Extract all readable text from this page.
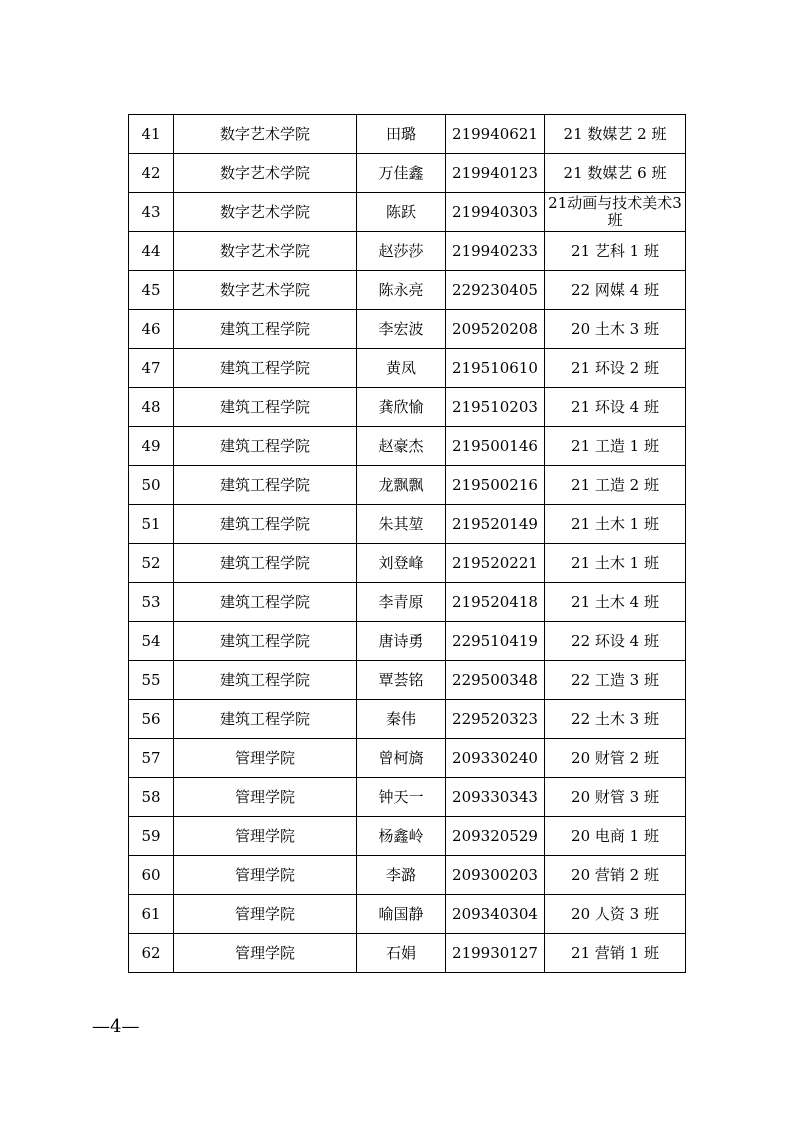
41	数字艺术学院	田璐	219940621	21 数媒艺 2 班
42	数字艺术学院	万佳鑫	219940123	21 数媒艺 6 班
43	数字艺术学院	陈跃	219940303	21动画与技术美术3班
44	数字艺术学院	赵莎莎	219940233	21 艺科 1 班
45	数字艺术学院	陈永亮	229230405	22 网媒 4 班
46	建筑工程学院	李宏波	209520208	20 土木 3 班
47	建筑工程学院	黄凤	219510610	21 环设 2 班
48	建筑工程学院	龚欣愉	219510203	21 环设 4 班
49	建筑工程学院	赵豪杰	219500146	21 工造 1 班
50	建筑工程学院	龙飘飘	219500216	21 工造 2 班
51	建筑工程学院	朱其堃	219520149	21 土木 1 班
52	建筑工程学院	刘登峰	219520221	21 土木 1 班
53	建筑工程学院	李青原	219520418	21 土木 4 班
54	建筑工程学院	唐诗勇	229510419	22 环设 4 班
55	建筑工程学院	覃荟铭	229500348	22 工造 3 班
56	建筑工程学院	秦伟	229520323	22 土木 3 班
57	管理学院	曾柯旖	209330240	20 财管 2 班
58	管理学院	钟天一	209330343	20 财管 3 班
59	管理学院	杨鑫岭	209320529	20 电商 1 班
60	管理学院	李潞	209300203	20 营销 2 班
61	管理学院	喻国静	209340304	20 人资 3 班
62	管理学院	石娟	219930127	21 营销 1 班
—4—
